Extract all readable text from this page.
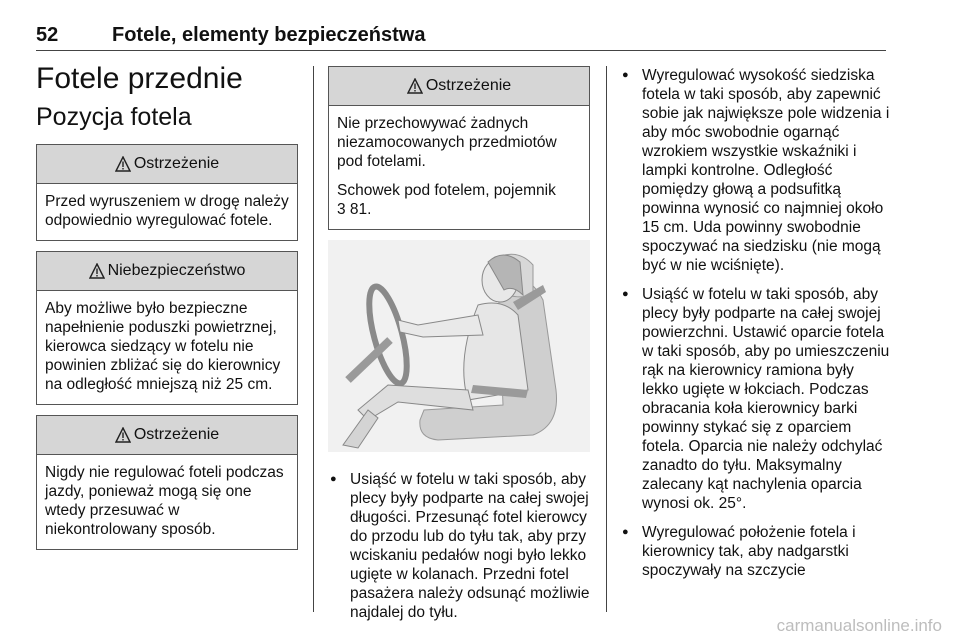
52	Fotele, elementy bezpieczeństwa
Fotele przednie
Pozycja fotela
Ostrzeżenie

Przed wyruszeniem w drogę należy odpowiednio wyregulować fotele.

Niebezpieczeństwo

Aby możliwe było bezpieczne napełnienie poduszki powietrznej, kierowca siedzący w fotelu nie powinien zbliżać się do kierownicy na odległość mniejszą niż 25 cm.

Ostrzeżenie

Nigdy nie regulować foteli podczas jazdy, ponieważ mogą się one wtedy przesuwać w niekontrolowany sposób.

Ostrzeżenie

Nie przechowywać żadnych niezamocowanych przedmiotów pod fotelami.

Schowek pod fotelem, pojemnik
3 81.

● Usiąść w fotelu w taki sposób, aby plecy były podparte na całej swojej długości. Przesunąć fotel kierowcy do przodu lub do tyłu tak, aby przy wciskaniu pedałów nogi było lekko ugięte w kolanach. Przedni fotel pasażera należy odsunąć możliwie najdalej do tyłu.
● Wyregulować wysokość siedziska fotela w taki sposób, aby zapewnić sobie jak największe pole widzenia i aby móc swobodnie ogarnąć wzrokiem wszystkie wskaźniki i lampki kontrolne. Odległość pomiędzy głową a podsufitką powinna wynosić co najmniej około 15 cm. Uda powinny swobodnie spoczywać na siedzisku (nie mogą być w nie wciśnięte).
● Usiąść w fotelu w taki sposób, aby plecy były podparte na całej swojej powierzchni. Ustawić oparcie fotela w taki sposób, aby po umieszczeniu rąk na kierownicy ramiona były lekko ugięte w łokciach. Podczas obracania koła kierownicy barki powinny stykać się z oparciem fotela. Oparcia nie należy odchylać zanadto do tyłu. Maksymalny zalecany kąt nachylenia oparcia wynosi ok. 25°.
● Wyregulować położenie fotela i kierownicy tak, aby nadgarstki spoczywały na szczycie
carmanualsonline.info
